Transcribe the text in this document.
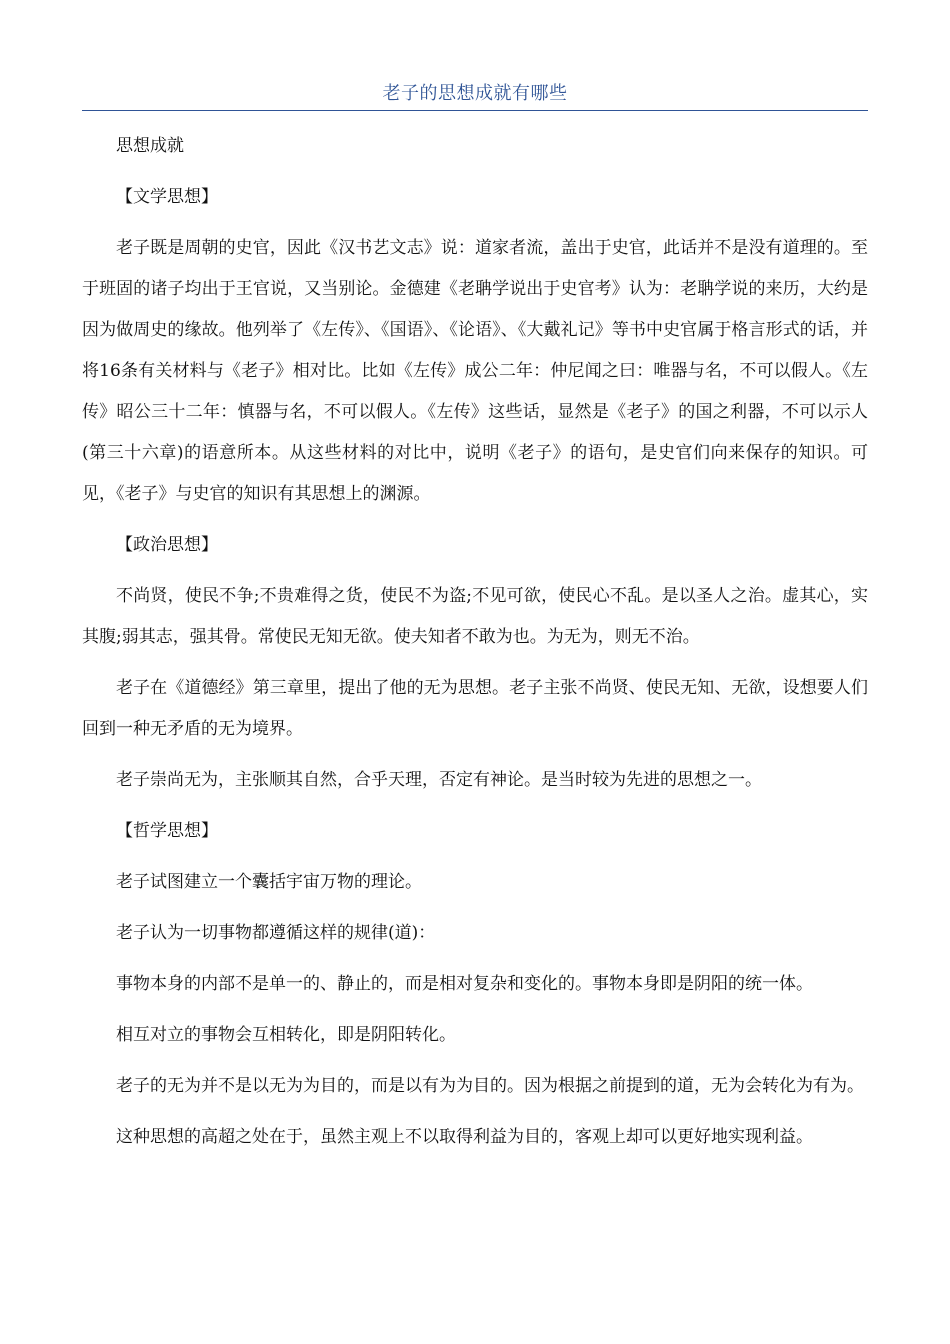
老子的思想成就有哪些

思想成就

【文学思想】

老子既是周朝的史官，因此《汉书艺文志》说：道家者流，盖出于史官，此话并不是没有道理的。至于班固的诸子均出于王官说，又当别论。金德建《老聃学说出于史官考》认为：老聃学说的来历，大约是因为做周史的缘故。他列举了《左传》、《国语》、《论语》、《大戴礼记》等书中史官属于格言形式的话，并将16条有关材料与《老子》相对比。比如《左传》成公二年：仲尼闻之曰：唯器与名，不可以假人。《左传》昭公三十二年：慎器与名，不可以假人。《左传》这些话，显然是《老子》的国之利器，不可以示人(第三十六章)的语意所本。从这些材料的对比中，说明《老子》的语句，是史官们向来保存的知识。可见，《老子》与史官的知识有其思想上的渊源。

【政治思想】

不尚贤，使民不争;不贵难得之货，使民不为盗;不见可欲，使民心不乱。是以圣人之治。虚其心，实其腹;弱其志，强其骨。常使民无知无欲。使夫知者不敢为也。为无为，则无不治。

老子在《道德经》第三章里，提出了他的无为思想。老子主张不尚贤、使民无知、无欲，设想要人们回到一种无矛盾的无为境界。

老子崇尚无为，主张顺其自然，合乎天理，否定有神论。是当时较为先进的思想之一。

【哲学思想】

老子试图建立一个囊括宇宙万物的理论。

老子认为一切事物都遵循这样的规律(道)：

事物本身的内部不是单一的、静止的，而是相对复杂和变化的。事物本身即是阴阳的统一体。

相互对立的事物会互相转化，即是阴阳转化。

老子的无为并不是以无为为目的，而是以有为为目的。因为根据之前提到的道，无为会转化为有为。

这种思想的高超之处在于，虽然主观上不以取得利益为目的，客观上却可以更好地实现利益。
